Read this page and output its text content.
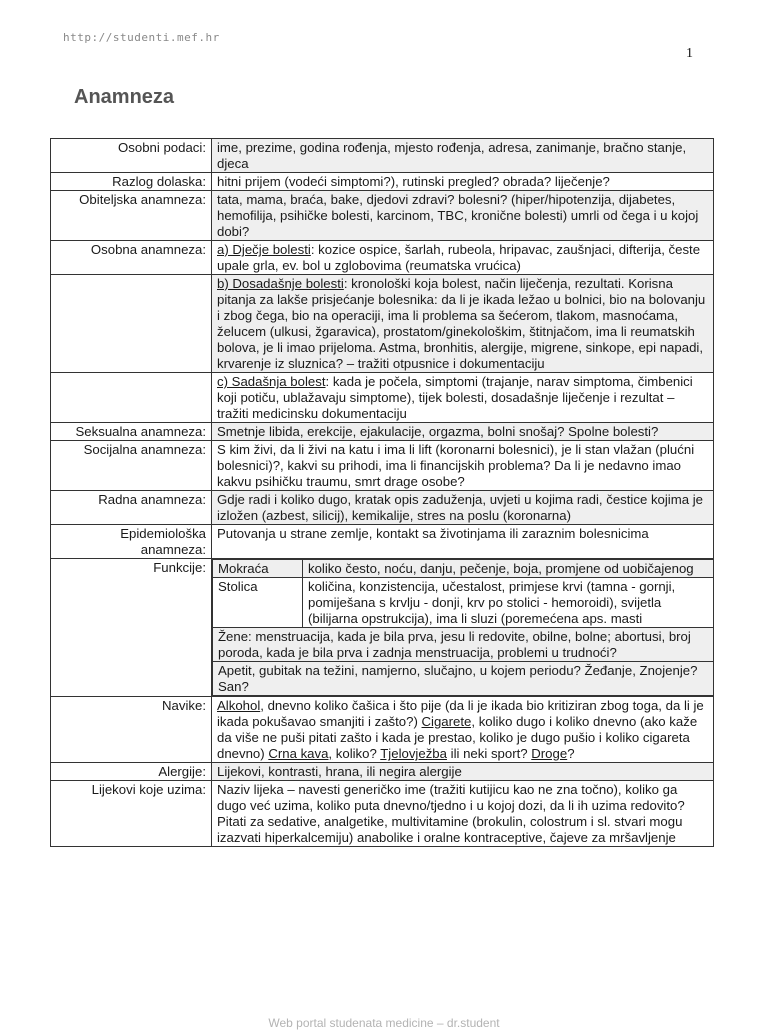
http://studenti.mef.hr
1
Anamneza
Osobni podaci:	ime, prezime, godina rođenja, mjesto rođenja, adresa, zanimanje, bračno stanje, djeca
Razlog dolaska:	hitni prijem (vodeći simptomi?), rutinski pregled? obrada? liječenje?
Obiteljska anamneza:	tata, mama, braća, bake, djedovi zdravi? bolesni? (hiper/hipotenzija, dijabetes, hemofilija, psihičke bolesti, karcinom, TBC, kronične bolesti) umrli od čega i u kojoj dobi?
Osobna anamneza:	a) Dječje bolesti: kozice ospice, šarlah, rubeola, hripavac, zaušnjaci, difterija, česte upale grla, ev. bol u zglobovima (reumatska vrućica)
	b) Dosadašnje bolesti: kronološki koja bolest, način liječenja, rezultati. Korisna pitanja za lakše prisjećanje bolesnika: da li je ikada ležao u bolnici, bio na bolovanju i zbog čega, bio na operaciji, ima li problema sa šećerom, tlakom, masnoćama, želucem (ulkusi, žgaravica), prostatom/ginekološkim, štitnjačom, ima li reumatskih bolova, je li imao prijeloma. Astma, bronhitis, alergije, migrene, sinkope, epi napadi, krvarenje iz sluznica? – tražiti otpusnice i dokumentaciju
	c) Sadašnja bolest: kada je počela, simptomi (trajanje, narav simptoma, čimbenici koji potiču, ublažavaju simptome), tijek bolesti, dosadašnje liječenje i rezultat – tražiti medicinsku dokumentaciju
Seksualna anamneza:	Smetnje libida, erekcije, ejakulacije, orgazma, bolni snošaj? Spolne bolesti?
Socijalna anamneza:	S kim živi, da li živi na katu i ima li lift (koronarni bolesnici), je li stan vlažan (plućni bolesnici)?, kakvi su prihodi, ima li financijskih problema? Da li je nedavno imao kakvu psihičku traumu, smrt drage osobe?
Radna anamneza:	Gdje radi i koliko dugo, kratak opis zaduženja, uvjeti u kojima radi, čestice kojima je izložen (azbest, silicij), kemikalije, stres na poslu (koronarna)
Epidemiološka anamneza:	Putovanja u strane zemlje, kontakt sa životinjama ili zaraznim bolesnicima
Funkcije:	Mokraća	koliko često, noću, danju, pečenje, boja, promjene od uobičajenog
Stolica	količina, konzistencija, učestalost, primjese krvi (tamna - gornji, pomiješana s krvlju - donji, krv po stolici - hemoroidi), svijetla (bilijarna opstrukcija), ima li sluzi (poremećena aps. masti
Žene: menstruacija, kada je bila prva, jesu li redovite, obilne, bolne; abortusi, broj poroda, kada je bila prva i zadnja menstruacija, problemi u trudnoći?
Apetit, gubitak na težini, namjerno, slučajno, u kojem periodu? Žeđanje, Znojenje? San?

Navike:	Alkohol, dnevno koliko čašica i što pije (da li je ikada bio kritiziran zbog toga, da li je ikada pokušavao smanjiti i zašto?) Cigarete, koliko dugo i koliko dnevno (ako kaže da više ne puši pitati zašto i kada je prestao, koliko je dugo pušio i koliko cigareta dnevno) Crna kava, koliko? Tjelovježba ili neki sport? Droge?
Alergije:	Lijekovi, kontrasti, hrana, ili negira alergije
Lijekovi koje uzima:	Naziv lijeka – navesti generičko ime (tražiti kutijicu kao ne zna točno), koliko ga dugo već uzima, koliko puta dnevno/tjedno i u kojoj dozi, da li ih uzima redovito? Pitati za sedative, analgetike, multivitamine (brokulin, colostrum i sl. stvari mogu izazvati hiperkalcemiju) anabolike i oralne kontraceptive, čajeve za mršavljenje
Web portal studenata medicine – dr.student
